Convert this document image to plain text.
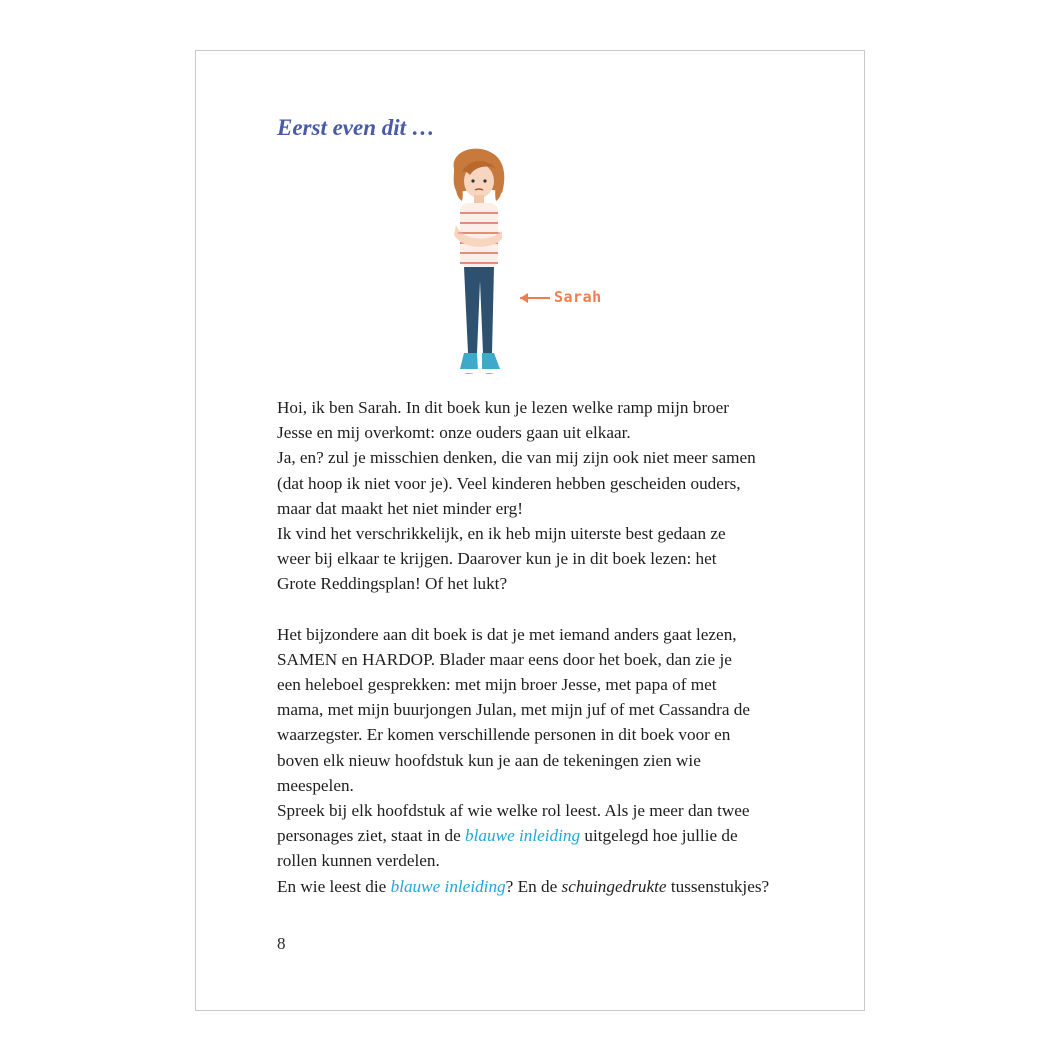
Eerst even dit …
Sarah

Hoi, ik ben Sarah. In dit boek kun je lezen welke ramp mijn broer
Jesse en mij overkomt: onze ouders gaan uit elkaar.
Ja, en? zul je misschien denken, die van mij zijn ook niet meer samen
(dat hoop ik niet voor je). Veel kinderen hebben gescheiden ouders,
maar dat maakt het niet minder erg!
Ik vind het verschrikkelijk, en ik heb mijn uiterste best gedaan ze
weer bij elkaar te krijgen. Daarover kun je in dit boek lezen: het
Grote Reddingsplan! Of het lukt?

Het bijzondere aan dit boek is dat je met iemand anders gaat lezen,
SAMEN en HARDOP. Blader maar eens door het boek, dan zie je
een heleboel gesprekken: met mijn broer Jesse, met papa of met
mama, met mijn buurjongen Julan, met mijn juf of met Cassandra de
waarzegster. Er komen verschillende personen in dit boek voor en
boven elk nieuw hoofdstuk kun je aan de tekeningen zien wie
meespelen.
Spreek bij elk hoofdstuk af wie welke rol leest. Als je meer dan twee
personages ziet, staat in de blauwe inleiding uitgelegd hoe jullie de
rollen kunnen verdelen.
En wie leest die blauwe inleiding? En de schuingedrukte tussenstukjes?

8
